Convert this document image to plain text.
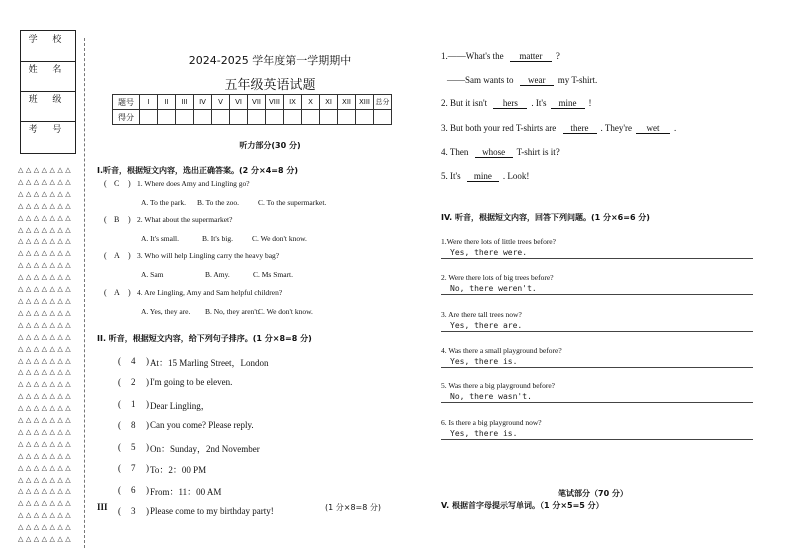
学 校
姓 名
班 级
考 号
△△△△△△△
△△△△△△△
△△△△△△△
△△△△△△△
△△△△△△△
△△△△△△△
△△△△△△△
△△△△△△△
△△△△△△△
△△△△△△△
△△△△△△△
△△△△△△△
△△△△△△△
△△△△△△△
△△△△△△△
△△△△△△△
△△△△△△△
△△△△△△△
△△△△△△△
△△△△△△△
△△△△△△△
△△△△△△△
△△△△△△△
△△△△△△△
△△△△△△△
△△△△△△△
△△△△△△△
△△△△△△△
△△△△△△△
△△△△△△△
△△△△△△△
△△△△△△△
2024-2025 学年度第一学期期中
五年级英语试题
题号	I	II	III	IV	V	VI	VII	VIII	IX	X	XI	XII	XIII	总分
得分														
听力部分(30 分)
I.听音，根据短文内容，选出正确答案。(2 分×4=8 分)
( C ) 1. Where does Amy and Lingling go?
A. To the park. B. To the zoo.	C. To the supermarket.
( B ) 2. What about the supermarket?
A. It's small.	B. It's big.	C. We don't know.
( A ) 3. Who will help Lingling carry the heavy bag?
A. Sam	B. Amy.	C. Ms Smart.
( A ) 4. Are Lingling, Amy and Sam helpful children?
A. Yes, they are. B. No, they aren't.
C. We don't know.
II. 听音，根据短文内容，给下列句子排序。(1 分×8=8 分)
( 4 ) At：15 Marling Street，London
( 2 ) I'm going to be eleven.
( 1 ) Dear Lingling，
( 8 ) Can you come? Please reply.
( 5 ) On：Sunday，2nd November
( 7 ) To：2：00 PM
( 6 ) From：11：00 AM
( 3 ) Please come to my birthday party!
III	(1 分×8=8 分)
1.——What's the matter ?
——Sam wants to wear my T-shirt.
2. But it isn't hers . It's mine !
3. But both your red T-shirts are there . They're wet .
4. Then whose T-shirt is it?
5. It's mine . Look!
IV. 听音，根据短文内容，回答下列问题。(1 分×6=6 分)
1.Were there lots of little trees before?
Yes, there were.
2. Were there lots of big trees before?
No, there weren't.
3. Are there tall trees now?
Yes, there are.
4. Was there a small playground before?
Yes, there is.
5. Was there a big playground before?
No, there wasn't.
6. Is there a big playground now?
Yes, there is.
笔试部分（70 分）
V. 根据首字母提示写单词。（1 分×5=5 分）
